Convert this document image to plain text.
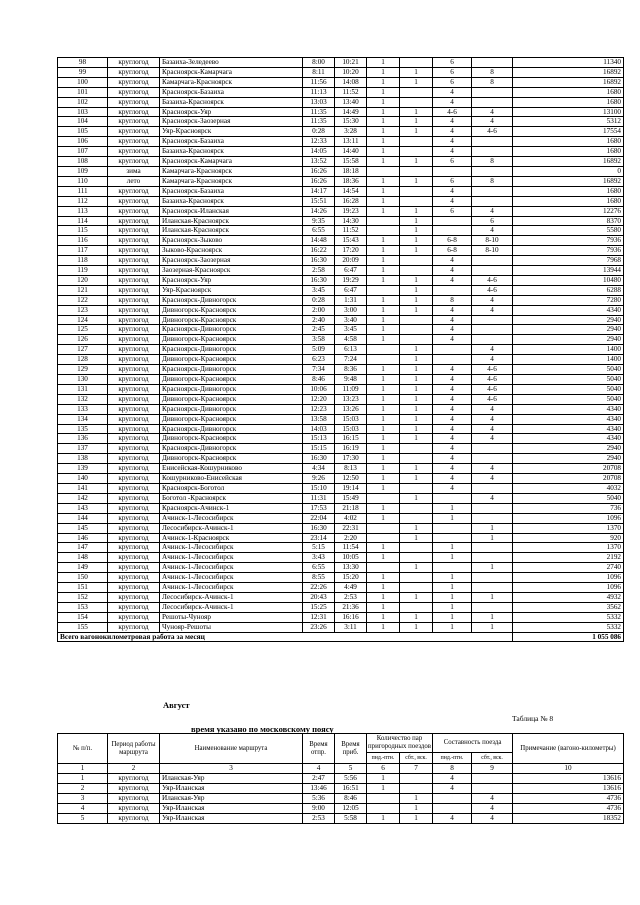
98	круглогод	Базаиха-Зеледеево	8:00	10:21	1		6		11340
99	круглогод	Красноярск-Камарчага	8:11	10:20	1	1	6	8	16892
100	круглогод	Камарчага-Красноярск	11:56	14:08	1	1	6	8	16892
101	круглогод	Красноярск-Базаиха	11:13	11:52	1		4		1680
102	круглогод	Базаиха-Красноярск	13:03	13:40	1		4		1680
103	круглогод	Красноярск-Уяр	11:35	14:49	1	1	4-6	4	13100
104	круглогод	Красноярск-Заозерная	11:35	15:30	1	1	4	4	5312
105	круглогод	Уяр-Красноярск	0:28	3:28	1	1	4	4-6	17554
106	круглогод	Красноярск-Базаиха	12:33	13:11	1		4		1680
107	круглогод	Базаиха-Красноярск	14:05	14:40	1		4		1680
108	круглогод	Красноярск-Камарчага	13:52	15:58	1	1	6	8	16892
109	зима	Камарчага-Красноярск	16:26	18:18					0
110	лето	Камарчага-Красноярск	16:26	18:36	1	1	6	8	16892
111	круглогод	Красноярск-Базаиха	14:17	14:54	1		4		1680
112	круглогод	Базаиха-Красноярск	15:51	16:28	1		4		1680
113	круглогод	Красноярск-Иланская	14:26	19:23	1	1	6	4	12276
114	круглогод	Иланская-Красноярск	9:35	14:30		1		6	8370
115	круглогод	Иланская-Красноярск	6:55	11:52		1		4	5580
116	круглогод	Красноярск-Зыково	14:48	15:43	1	1	6-8	8-10	7936
117	круглогод	Зыково-Красноярск	16:22	17:20	1	1	6-8	8-10	7936
118	круглогод	Красноярск-Заозерная	16:30	20:09	1		4		7968
119	круглогод	Заозерная-Красноярск	2:58	6:47	1		4		13944
120	круглогод	Красноярск-Уяр	16:30	19:29	1	1	4	4-6	10480
121	круглогод	Уяр-Красноярск	3:45	6:47		1		4-6	6288
122	круглогод	Красноярск-Дивногорск	0:28	1:31	1	1	8	4	7280
123	круглогод	Дивногорск-Красноярск	2:00	3:00	1	1	4	4	4340
124	круглогод	Дивногорск-Красноярск	2:40	3:40	1		4		2940
125	круглогод	Красноярск-Дивногорск	2:45	3:45	1		4		2940
126	круглогод	Дивногорск-Красноярск	3:58	4:58	1		4		2940
127	круглогод	Красноярск-Дивногорск	5:09	6:13		1		4	1400
128	круглогод	Дивногорск-Красноярск	6:23	7:24		1		4	1400
129	круглогод	Красноярск-Дивногорск	7:34	8:36	1	1	4	4-6	5040
130	круглогод	Дивногорск-Красноярск	8:46	9:48	1	1	4	4-6	5040
131	круглогод	Красноярск-Дивногорск	10:06	11:09	1	1	4	4-6	5040
132	круглогод	Дивногорск-Красноярск	12:20	13:23	1	1	4	4-6	5040
133	круглогод	Красноярск-Дивногорск	12:23	13:26	1	1	4	4	4340
134	круглогод	Дивногорск-Красноярск	13:58	15:03	1	1	4	4	4340
135	круглогод	Красноярск-Дивногорск	14:03	15:03	1	1	4	4	4340
136	круглогод	Дивногорск-Красноярск	15:13	16:15	1	1	4	4	4340
137	круглогод	Красноярск-Дивногорск	15:15	16:19	1		4		2940
138	круглогод	Дивногорск-Красноярск	16:30	17:30	1		4		2940
139	круглогод	Енисейская-Кошурниково	4:34	8:13	1	1	4	4	20708
140	круглогод	Кошурниково-Енисейская	9:26	12:50	1	1	4	4	20708
141	круглогод	Красноярск-Боготол	15:10	19:14	1		4		4032
142	круглогод	Боготол -Красноярск	11:31	15:49		1		4	5040
143	круглогод	Красноярск-Ачинск-1	17:53	21:18	1		1		736
144	круглогод	Ачинск-1-Лесосибирск	22:04	4:02	1		1		1096
145	круглогод	Лесосибирск-Ачинск-1	16:30	22:31		1		1	1370
146	круглогод	Ачинск-1-Красноярск	23:14	2:20		1		1	920
147	круглогод	Ачинск-1-Лесосибирск	5:15	11:54	1		1		1370
148	круглогод	Ачинск-1-Лесосибирск	3:43	10:05	1		1		2192
149	круглогод	Ачинск-1-Лесосибирск	6:55	13:30		1		1	2740
150	круглогод	Ачинск-1-Лесосибирск	8:55	15:20	1		1		1096
151	круглогод	Ачинск-1-Лесосибирск	22:26	4:49	1		1		1096
152	круглогод	Лесосибирск-Ачинск-1	20:43	2:53	1	1	1	1	4932
153	круглогод	Лесосибирск-Ачинск-1	15:25	21:36	1		1		3562
154	круглогод	Решоты-Чунояр	12:31	16:16	1	1	1	1	5332
155	круглогод	Чунояр-Решоты	23:26	3:11	1	1	1	1	5332
Всего вагонокилометровая работа за месяц									1 055 086
Август
Таблица № 8
время указано по московскому поясу
№ п/п.	Период работы маршрута	Наименование маршрута	Время отпр.	Время приб.	Количество пар пригородных поездов		Составность поезда		Примечание (вагоно-километры)
					пнд.-птн.	сбт., вск.	пнд.-птн.	сбт., вск.	
1	2	3	4	5	6	7	8	9	10
1	круглогод	Иланская-Уяр	2:47	5:56	1		4		13616
2	круглогод	Уяр-Иланская	13:46	16:51	1		4		13616
3	круглогод	Иланская-Уяр	5:36	8:46		1		4	4736
4	круглогод	Уяр-Иланская	9:00	12:05		1		4	4736
5	круглогод	Уяр-Иланская	2:53	5:58	1	1	4	4	18352
